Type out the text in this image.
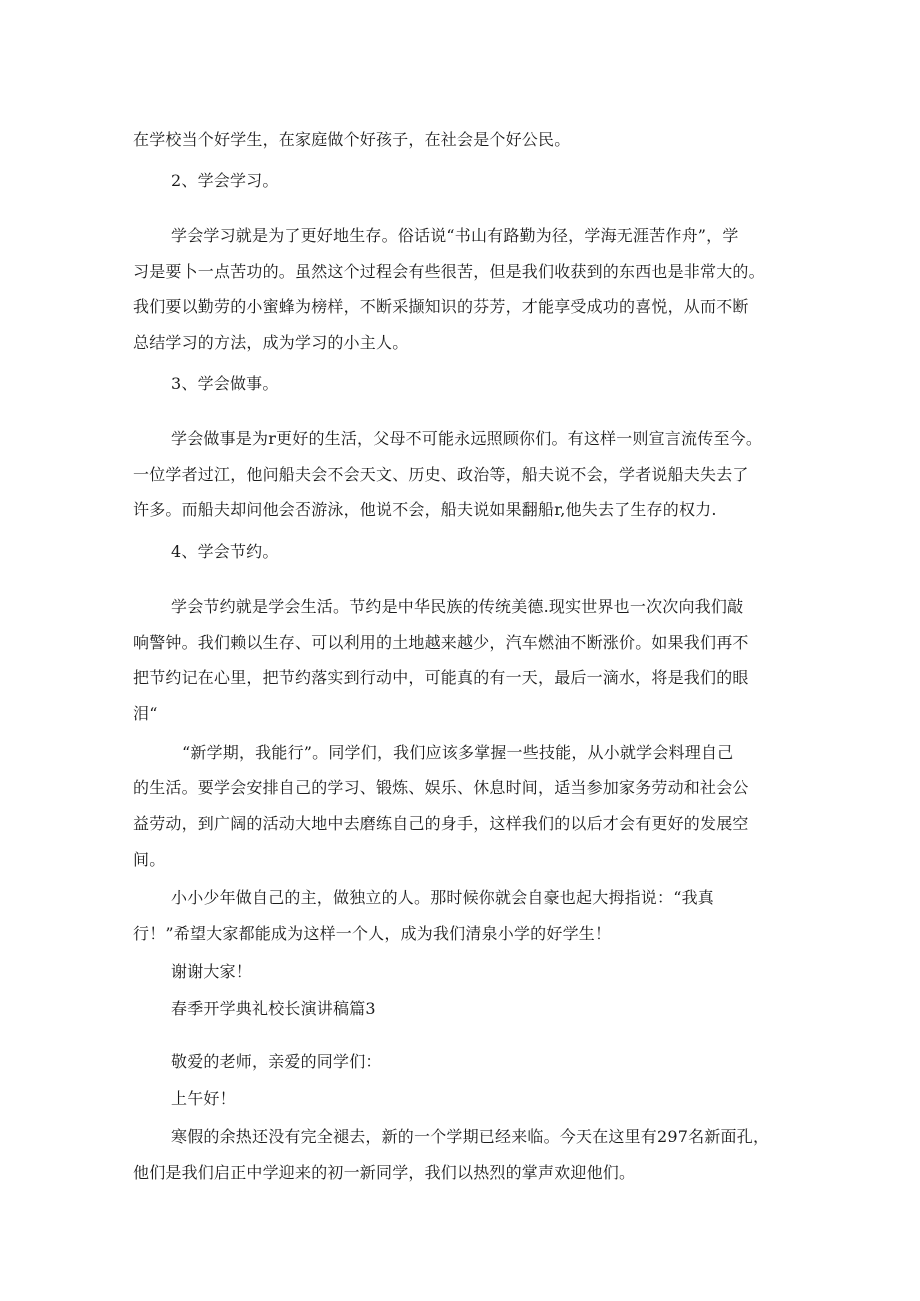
在学校当个好学生，在家庭做个好孩子，在社会是个好公民。
2、学会学习。
学会学习就是为了更好地生存。俗话说“书山有路勤为径，学海无涯苦作舟”，学
习是要卜一点苦功的。虽然这个过程会有些很苦，但是我们收获到的东西也是非常大的。
我们要以勤劳的小蜜蜂为榜样，不断采撷知识的芬芳，才能享受成功的喜悦，从而不断
总结学习的方法，成为学习的小主人。
3、学会做事。
学会做事是为r更好的生活，父母不可能永远照顾你们。有这样一则宣言流传至今。
一位学者过江，他问船夫会不会天文、历史、政治等，船夫说不会，学者说船夫失去了
许多。而船夫却问他会否游泳，他说不会，船夫说如果翻船r,他失去了生存的权力.
4、学会节约。
学会节约就是学会生活。节约是中华民族的传统美德.现实世界也一次次向我们敲
响警钟。我们赖以生存、可以利用的土地越来越少，汽车燃油不断涨价。如果我们再不
把节约记在心里，把节约落实到行动中，可能真的有一天，最后一滴水，将是我们的眼
泪“
“新学期，我能行”。同学们，我们应该多掌握一些技能，从小就学会料理自己
的生活。要学会安排自己的学习、锻炼、娱乐、休息时间，适当参加家务劳动和社会公
益劳动，到广阔的活动大地中去磨练自己的身手，这样我们的以后才会有更好的发展空
间。
小小少年做自己的主，做独立的人。那时候你就会自豪也起大拇指说：“我真
行！”希望大家都能成为这样一个人，成为我们清泉小学的好学生！
谢谢大家！
春季开学典礼校长演讲稿篇3
敬爱的老师，亲爱的同学们：
上午好！
寒假的余热还没有完全褪去，新的一个学期已经来临。今天在这里有297名新面孔，
他们是我们启正中学迎来的初一新同学，我们以热烈的掌声欢迎他们。
